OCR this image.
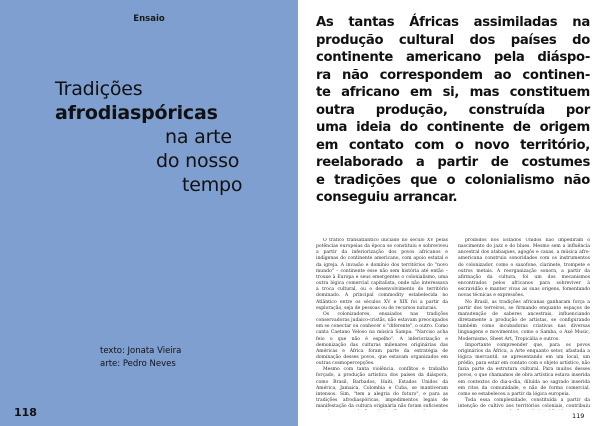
Ensaio
Tradições
afrodiaspóricas
na arte
do nosso
tempo
texto: Jonata Vieira
arte: Pedro Neves
118
As tantas Áfricas assimiladas na
produção cultural dos países do
continente americano pela diáspo-
ra não correspondem ao continen-
te africano em si, mas constituem
outra produção, construída por
uma ideia do continente de origem
em contato com o novo território,
reelaborado a partir de costumes
e tradições que o colonialismo não
conseguiu arrancar.

O tráfico transatlântico iniciado no século XV pelas potências europeias da época se constituiu e sobreviveu a partir da inferiorização dos povos africanos e indígenas do continente americano, com apoio estatal e da igreja. A invasão e domínio dos territórios do "novo mundo" – continente esse não sem história até então – trouxe à Europa e seus emergentes o colonialismo, uma outra lógica comercial capitalista, onde não interessava a troca cultural, ou o desenvolvimento do território dominado. A principal commodity estabelecida no Atlântico entre os séculos XV e XIX foi a partir da exploração, seja de pessoas ou de recursos naturais.

Os colonizadores, ensaiados nas tradições conservadoras judaico-cristãs, não estavam preocupados em se conectar ou conhecer o "diferente", o outro. Como canta Caetano Veloso na música Sampa: "Narciso acha feio o que não é espelho". A inferiorização e demonização das culturas milenares originárias das Américas e África foram parte da estratégia de dominação desses povos, que estavam organizados em outras cosmopercepções.

Mesmo com tanta violência, conflitos e trabalho forçado, a produção artística dos países da diáspora, como Brasil, Barbados, Haiti, Estados Unidos da América, Jamaica, Colombia e Cuba, se mantiveram intensos. Sim, "tem a alegria do futuro", e para as tradições afrodiaspóricas, impedimentos legais de manifestação da cultura originária não foram suficientes

proibidos nos Estados Unidos não impediram o nascimento do jazz e do blues. Mesmo sem a influência ancestral dos atabaques, agogôs e caxas, a música afro-americana construiu sonoridades com os instrumentos do colonizador, como o saxofone, clarinete, trompete e outros metais. A reorganização sonora, a partir da afirmação da cultura, foi um dos mecanismos encontrados pelos africanos para sobreviver à escravidão e manter vivas as suas origens, fomentando novas técnicas e expressões.

No Brasil, as tradições africanas ganharam força a partir dos terreiros, se firmando enquanto espaços de manutenção de saberes ancestrais, influenciando diretamente a produção de artistas, se configurando também como incubadoras criativas nas diversas linguagens e movimentos, como o Samba, o Axé Music, Modernismo, Sheet Art, Tropicália e outros.

Importante compreender que, para os povos originários da África, a Arte enquanto setor, afastada a lógica mercantil, se apresentando em um local, um prédio, para estar em contato com o objeto artístico, não fazia parte da estrutura cultural. Para muitos desses povos, o que chamamos de obra artística estava inserida em contextos do dia-a-dia, diluída ao sagrado inserida em ritos da comunidade, e não de forma comercial, como se estabeleceu a partir da lógica europeia.

Toda essa complexidade, constituída a partir da intenção de cultivo aos territórios coloniais, contribuiu

119
